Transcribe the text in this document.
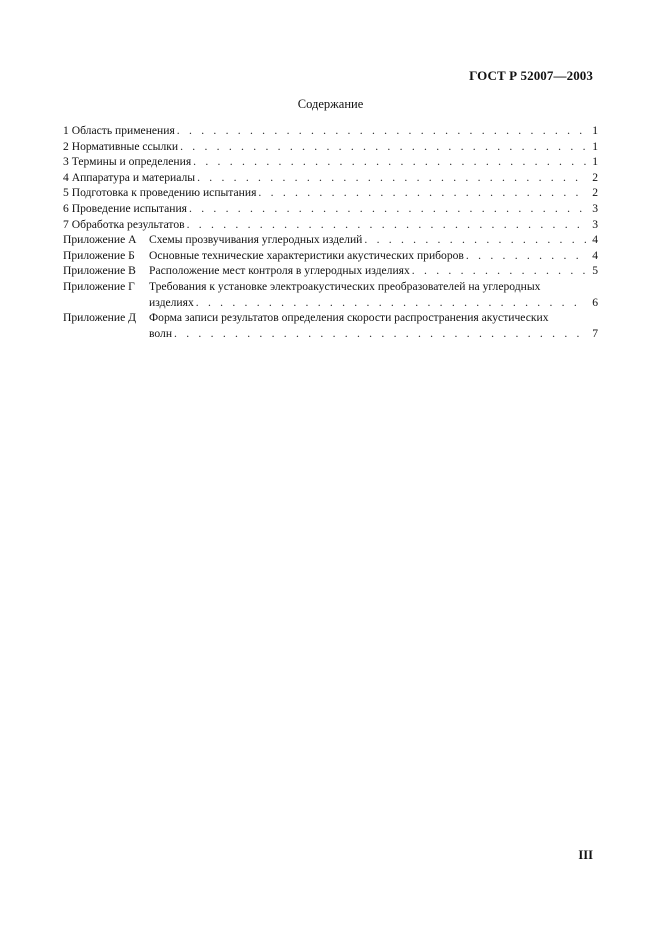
ГОСТ Р 52007—2003
Содержание
1 Область применения . . .	1
2 Нормативные ссылки . . .	1
3 Термины и определения . . .	1
4 Аппаратура и материалы . . .	2
5 Подготовка к проведению испытания . . .	2
6 Проведение испытания . . .	3
7 Обработка результатов . . .	3
Приложение А	Схемы прозвучивания углеродных изделий . . .	4
Приложение Б	Основные технические характеристики акустических приборов . . .	4
Приложение В	Расположение мест контроля в углеродных изделиях . . .	5
Приложение Г	Требования к установке электроакустических преобразователей на углеродных
изделиях . . .	6
Приложение Д	Форма записи результатов определения скорости распространения акустических
волн . . .	7
III
